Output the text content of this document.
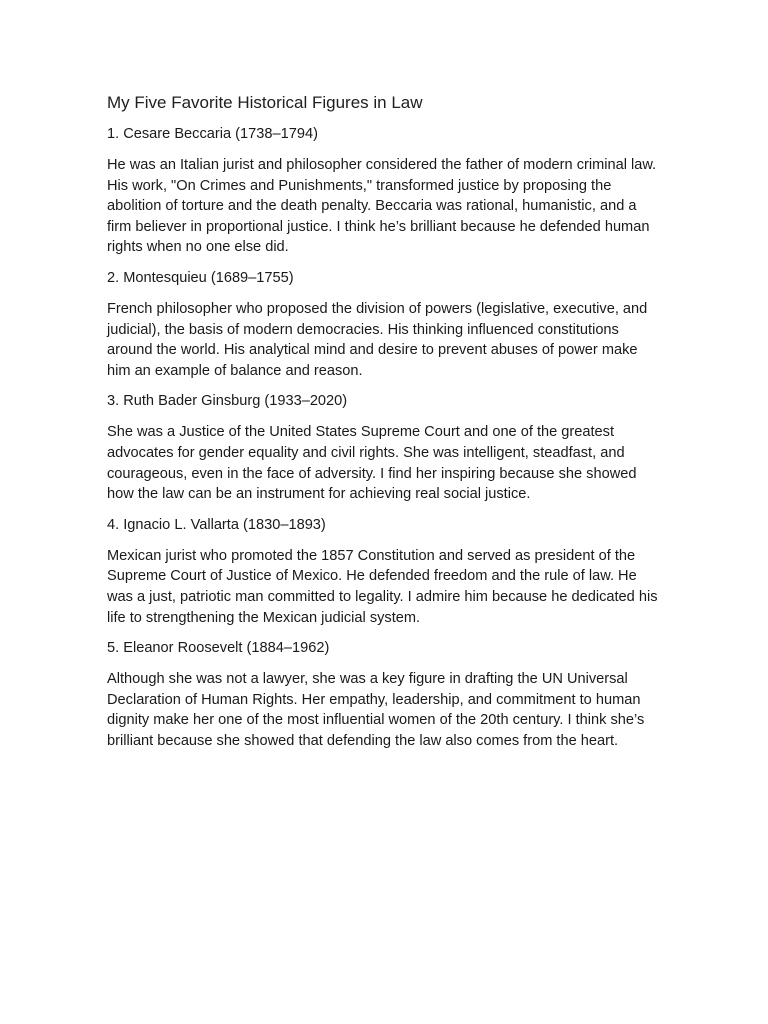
My Five Favorite Historical Figures in Law

1. Cesare Beccaria (1738–1794)

He was an Italian jurist and philosopher considered the father of modern criminal law. His work, "On Crimes and Punishments," transformed justice by proposing the abolition of torture and the death penalty. Beccaria was rational, humanistic, and a firm believer in proportional justice. I think he’s brilliant because he defended human rights when no one else did.

2. Montesquieu (1689–1755)

French philosopher who proposed the division of powers (legislative, executive, and judicial), the basis of modern democracies. His thinking influenced constitutions around the world. His analytical mind and desire to prevent abuses of power make him an example of balance and reason.

3. Ruth Bader Ginsburg (1933–2020)

She was a Justice of the United States Supreme Court and one of the greatest advocates for gender equality and civil rights. She was intelligent, steadfast, and courageous, even in the face of adversity. I find her inspiring because she showed how the law can be an instrument for achieving real social justice.

4. Ignacio L. Vallarta (1830–1893)

Mexican jurist who promoted the 1857 Constitution and served as president of the Supreme Court of Justice of Mexico. He defended freedom and the rule of law. He was a just, patriotic man committed to legality. I admire him because he dedicated his life to strengthening the Mexican judicial system.

5. Eleanor Roosevelt (1884–1962)

Although she was not a lawyer, she was a key figure in drafting the UN Universal Declaration of Human Rights. Her empathy, leadership, and commitment to human dignity make her one of the most influential women of the 20th century. I think she’s brilliant because she showed that defending the law also comes from the heart.
